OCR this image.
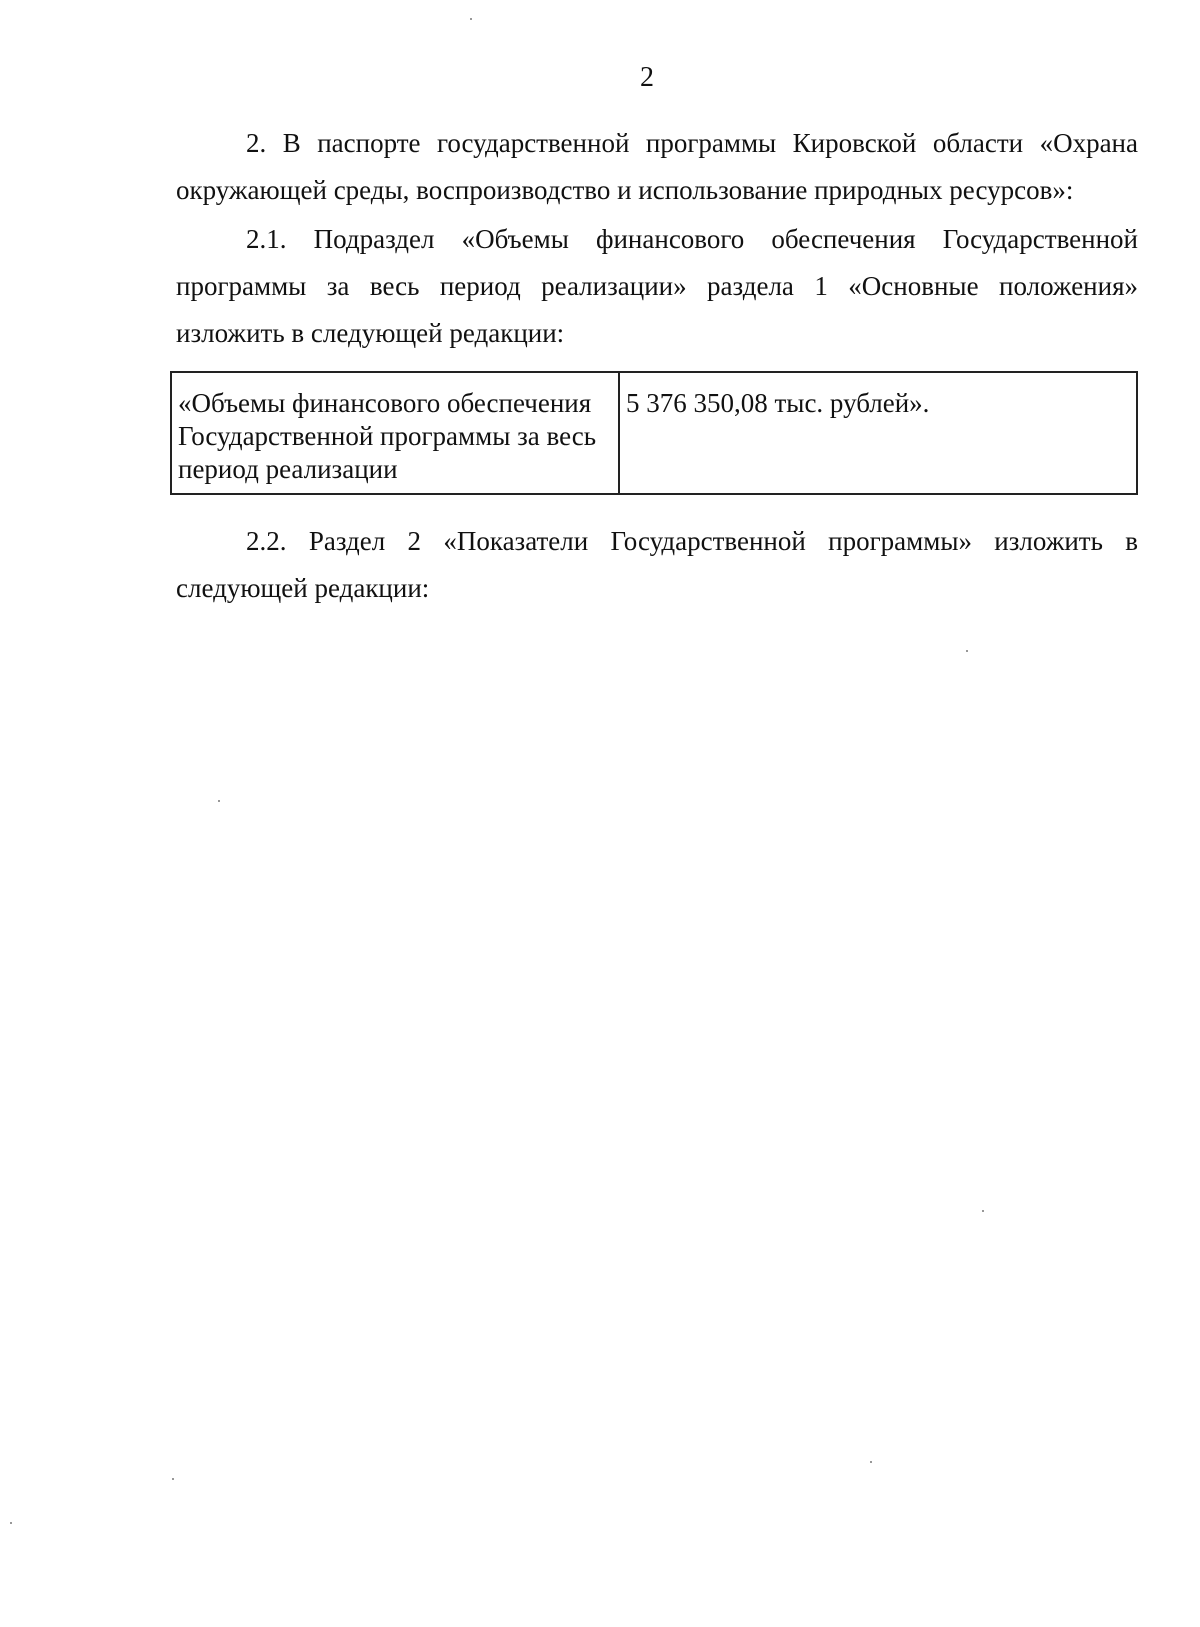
2
2. В паспорте государственной программы Кировской области «Охрана окружающей среды, воспроизводство и использование природных ресурсов»:
2.1. Подраздел «Объемы финансового обеспечения Государственной программы за весь период реализации» раздела 1 «Основные положения» изложить в следующей редакции:
«Объемы финансового обеспечения Государственной программы за весь период реализации	5 376 350,08 тыс. рублей».
2.2. Раздел 2 «Показатели Государственной программы» изложить в следующей редакции:
